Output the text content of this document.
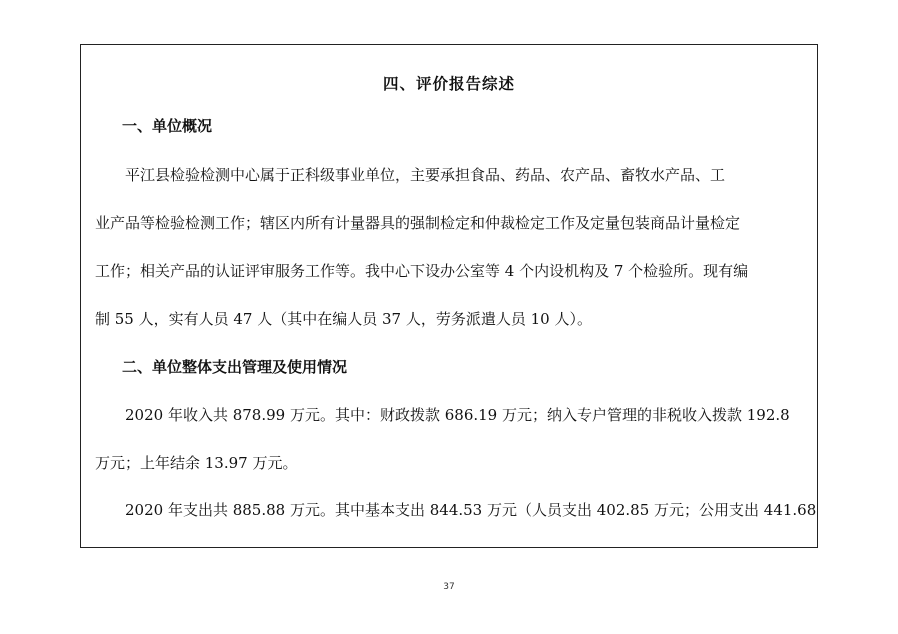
四、评价报告综述
一、单位概况
平江县检验检测中心属于正科级事业单位，主要承担食品、药品、农产品、畜牧水产品、工
业产品等检验检测工作；辖区内所有计量器具的强制检定和仲裁检定工作及定量包装商品计量检定
工作；相关产品的认证评审服务工作等。我中心下设办公室等 4 个内设机构及 7 个检验所。现有编
制 55 人，实有人员 47 人（其中在编人员 37 人，劳务派遣人员 10 人）。
二、单位整体支出管理及使用情况
2020 年收入共 878.99 万元。其中：财政拨款 686.19 万元；纳入专户管理的非税收入拨款 192.8
万元；上年结余 13.97 万元。
2020 年支出共 885.88 万元。其中基本支出 844.53 万元（人员支出 402.85 万元；公用支出 441.68
37
